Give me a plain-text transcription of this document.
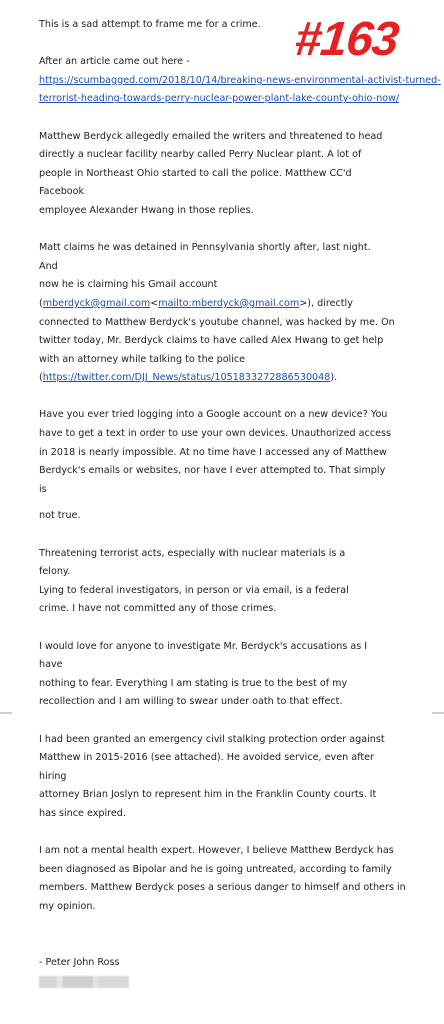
#163
This is a sad attempt to frame me for a crime.
After an article came out here -
https://scumbagged.com/2018/10/14/breaking-news-environmental-activist-turned-
terrorist-heading-towards-perry-nuclear-power-plant-lake-county-ohio-now/
Matthew Berdyck allegedly emailed the writers and threatened to head
directly a nuclear facility nearby called Perry Nuclear plant. A lot of
people in Northeast Ohio started to call the police. Matthew CC'd
Facebook
employee Alexander Hwang in those replies.
Matt claims he was detained in Pennsylvania shortly after, last night.
And
now he is claiming his Gmail account
(mberdyck@gmail.com<mailto:mberdyck@gmail.com>), directly
connected to Matthew Berdyck's youtube channel, was hacked by me. On
twitter today, Mr. Berdyck claims to have called Alex Hwang to get help
with an attorney while talking to the police
(https://twitter.com/DJJ_News/status/1051833272886530048).
Have you ever tried logging into a Google account on a new device? You
have to get a text in order to use your own devices. Unauthorized access
in 2018 is nearly impossible. At no time have I accessed any of Matthew
Berdyck's emails or websites, nor have I ever attempted to. That simply
is
not true.
Threatening terrorist acts, especially with nuclear materials is a
felony.
Lying to federal investigators, in person or via email, is a federal
crime. I have not committed any of those crimes.
I would love for anyone to investigate Mr. Berdyck's accusations as I
have
nothing to fear. Everything I am stating is true to the best of my
recollection and I am willing to swear under oath to that effect.
I had been granted an emergency civil stalking protection order against
Matthew in 2015-2016 (see attached). He avoided service, even after
hiring
attorney Brian Joslyn to represent him in the Franklin County courts. It
has since expired.
I am not a mental health expert. However, I believe Matthew Berdyck has
been diagnosed as Bipolar and he is going untreated, according to family
members. Matthew Berdyck poses a serious danger to himself and others in
my opinion.
- Peter John Ross
